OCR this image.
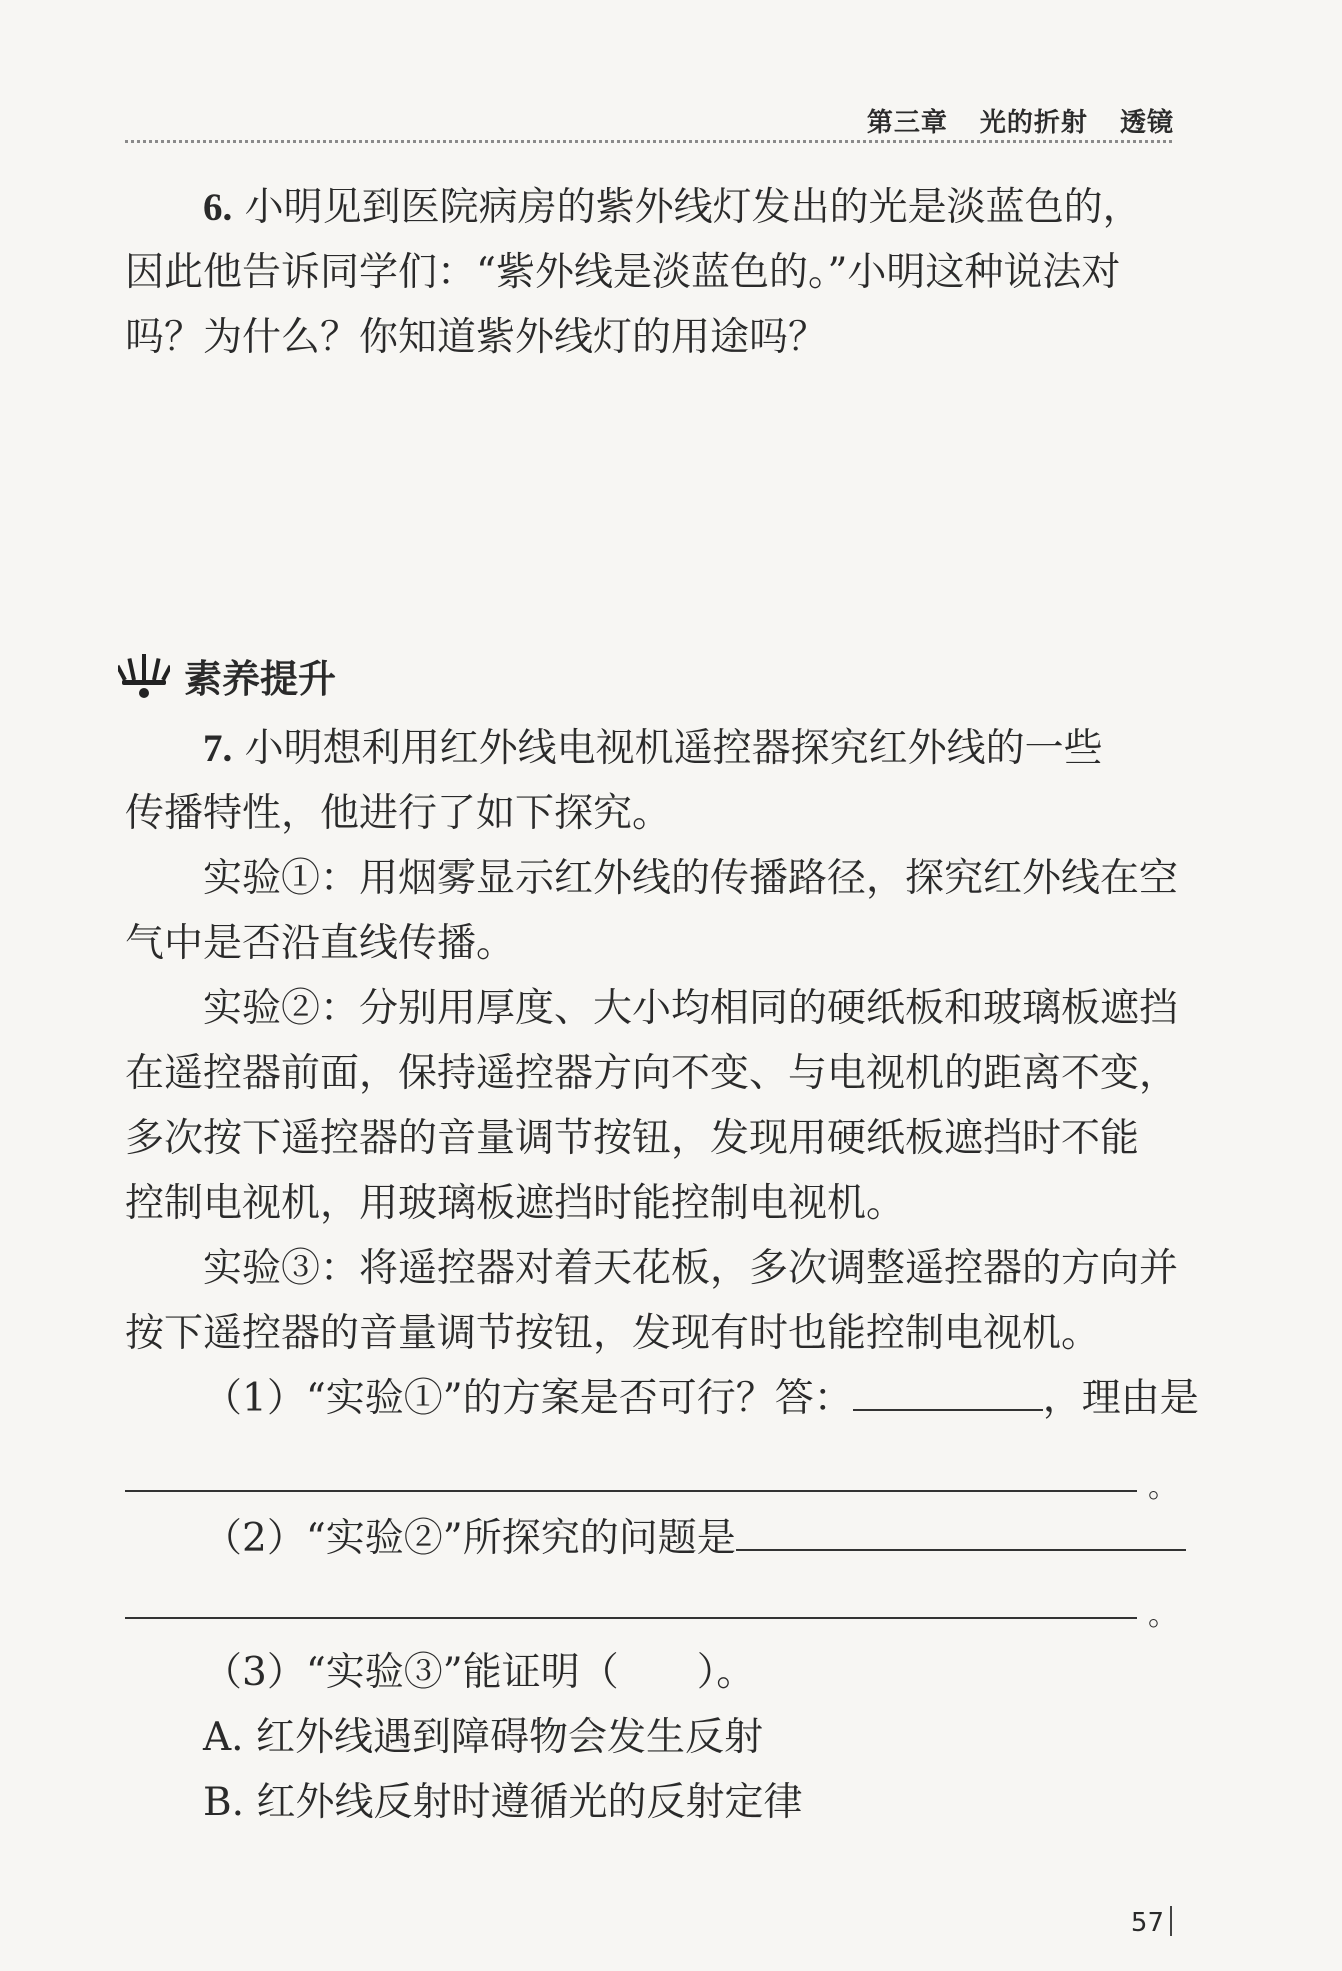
第三章 光的折射 透镜
6. 小明见到医院病房的紫外线灯发出的光是淡蓝色的，
因此他告诉同学们：“紫外线是淡蓝色的。”小明这种说法对
吗？为什么？你知道紫外线灯的用途吗？
素养提升
7. 小明想利用红外线电视机遥控器探究红外线的一些
传播特性，他进行了如下探究。
实验①：用烟雾显示红外线的传播路径，探究红外线在空
气中是否沿直线传播。
实验②：分别用厚度、大小均相同的硬纸板和玻璃板遮挡
在遥控器前面，保持遥控器方向不变、与电视机的距离不变，
多次按下遥控器的音量调节按钮，发现用硬纸板遮挡时不能
控制电视机，用玻璃板遮挡时能控制电视机。
实验③：将遥控器对着天花板，多次调整遥控器的方向并
按下遥控器的音量调节按钮，发现有时也能控制电视机。
（1）“实验①”的方案是否可行？答：	，理由是
。
（2）“实验②”所探究的问题是
。
（3）“实验③”能证明（　　）。
A. 红外线遇到障碍物会发生反射
B. 红外线反射时遵循光的反射定律
57
